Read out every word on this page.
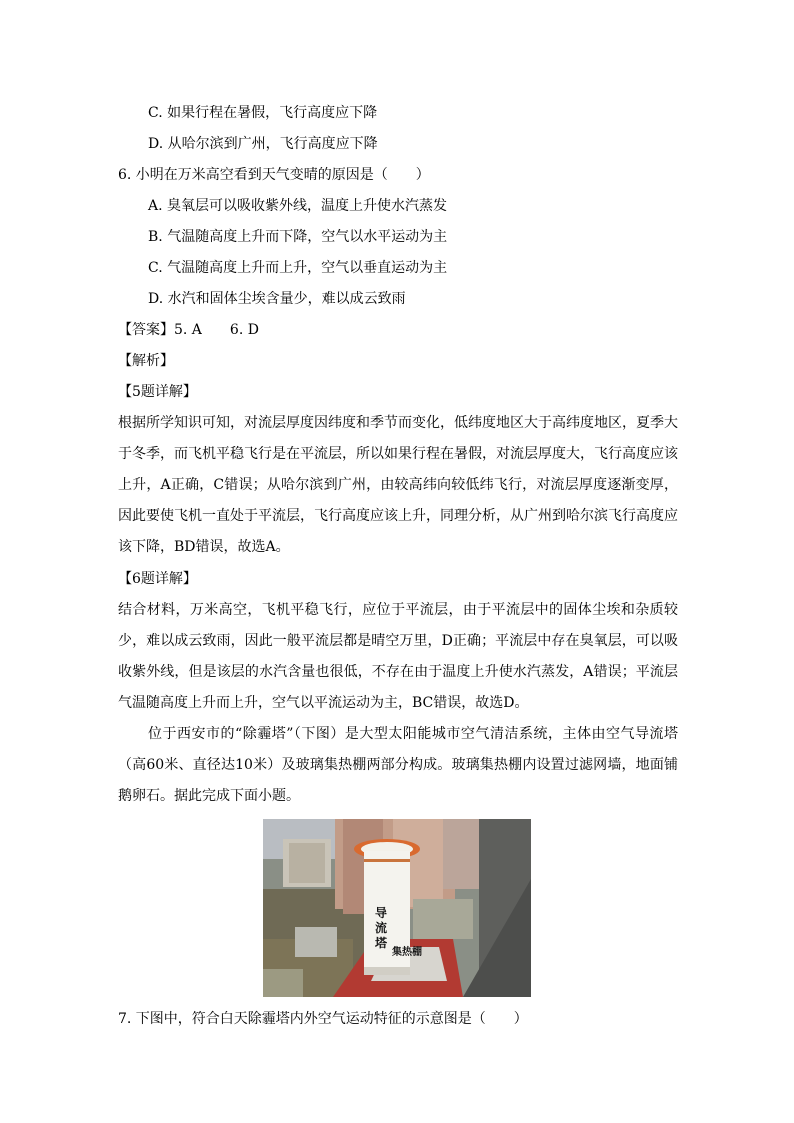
C. 如果行程在暑假，飞行高度应下降
D. 从哈尔滨到广州，飞行高度应下降
6. 小明在万米高空看到天气变晴的原因是（　　）
A. 臭氧层可以吸收紫外线，温度上升使水汽蒸发
B. 气温随高度上升而下降，空气以水平运动为主
C. 气温随高度上升而上升，空气以垂直运动为主
D. 水汽和固体尘埃含量少，难以成云致雨
【答案】5. A　　6. D
【解析】
【5题详解】
根据所学知识可知，对流层厚度因纬度和季节而变化，低纬度地区大于高纬度地区，夏季大于冬季，而飞机平稳飞行是在平流层，所以如果行程在暑假，对流层厚度大，飞行高度应该上升，A正确，C错误；从哈尔滨到广州，由较高纬向较低纬飞行，对流层厚度逐渐变厚，因此要使飞机一直处于平流层，飞行高度应该上升，同理分析，从广州到哈尔滨飞行高度应该下降，BD错误，故选A。
【6题详解】
结合材料，万米高空，飞机平稳飞行，应位于平流层，由于平流层中的固体尘埃和杂质较少，难以成云致雨，因此一般平流层都是晴空万里，D正确；平流层中存在臭氧层，可以吸收紫外线，但是该层的水汽含量也很低，不存在由于温度上升使水汽蒸发，A错误；平流层气温随高度上升而上升，空气以平流运动为主，BC错误，故选D。
位于西安市的“除霾塔”（下图）是大型太阳能城市空气清洁系统，主体由空气导流塔（高60米、直径达10米）及玻璃集热棚两部分构成。玻璃集热棚内设置过滤网墙，地面铺鹅卵石。据此完成下面小题。
导
流
塔
集热棚
7. 下图中，符合白天除霾塔内外空气运动特征的示意图是（　　）
